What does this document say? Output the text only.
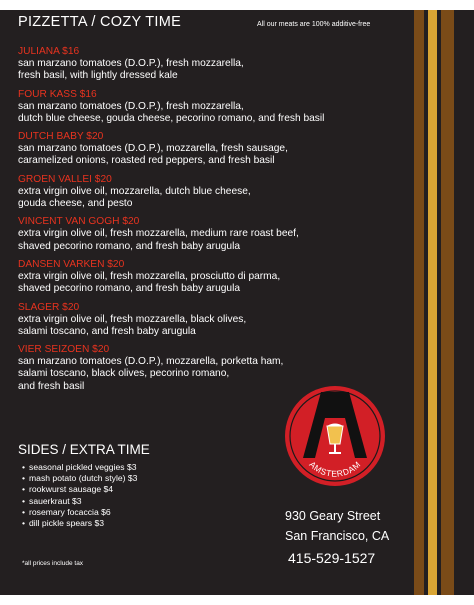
PIZZETTA / COZY TIME	All our meats are 100% additive-free
JULIANA $16
san marzano tomatoes (D.O.P.), fresh mozzarella,
fresh basil, with lightly dressed kale
FOUR KASS $16
san marzano tomatoes (D.O.P.), fresh mozzarella,
dutch blue cheese, gouda cheese, pecorino romano, and fresh basil
DUTCH BABY $20
san marzano tomatoes (D.O.P.), mozzarella, fresh sausage,
caramelized onions, roasted red peppers, and fresh basil
GROEN VALLEI $20
extra virgin olive oil, mozzarella, dutch blue cheese,
gouda cheese, and pesto
VINCENT VAN GOGH $20
extra virgin olive oil, fresh mozzarella, medium rare roast beef,
shaved pecorino romano, and fresh baby arugula
DANSEN VARKEN $20
extra virgin olive oil, fresh mozzarella, prosciutto di parma,
shaved pecorino romano, and fresh baby arugula
SLAGER $20
extra virgin olive oil, fresh mozzarella, black olives,
salami toscano, and fresh baby arugula
VIER SEIZOEN $20
san marzano tomatoes (D.O.P.), mozzarella, porketta ham,
salami toscano, black olives, pecorino romano,
and fresh basil
SIDES / EXTRA TIME
• seasonal pickled veggies $3
• mash potato (dutch style) $3
• rookwurst sausage $4
• sauerkraut $3
• rosemary focaccia $6
• dill pickle spears $3
*all prices include tax
AMSTERDAM
930 Geary Street
San Francisco, CA
415-529-1527
